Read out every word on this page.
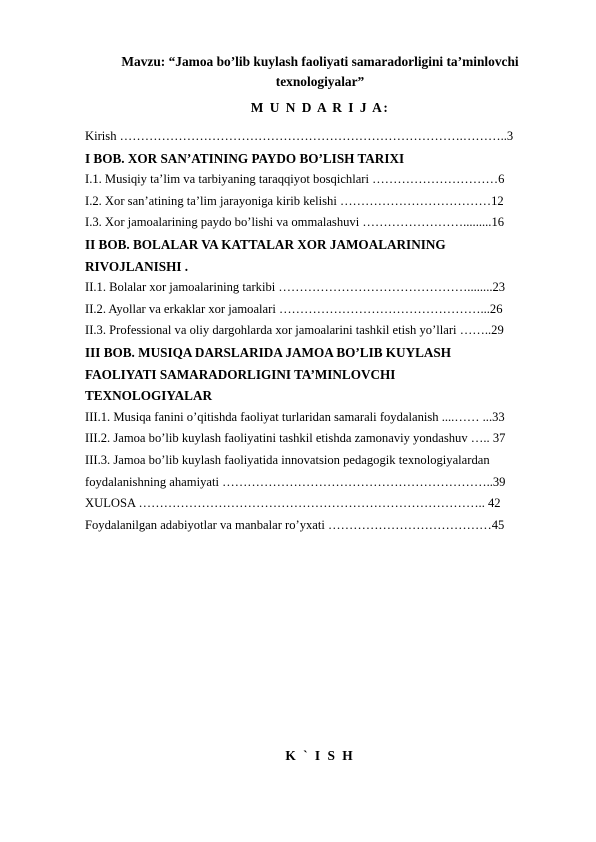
Mavzu: “Jamoa bo’lib kuylash faoliyati samaradorligini ta’minlovchi
texnologiyalar”
M U N D A R I J A:
Kirish ……………………………………………………………………….………..3
I BOB. XOR SAN’ATINING PAYDO BO’LISH TARIXI
I.1. Musiqiy ta’lim va tarbiyaning taraqqiyot bosqichlari …………………………6
I.2. Xor san’atining ta’lim jarayoniga kirib kelishi ………………………………12
I.3. Xor jamoalarining paydo bo’lishi va ommalashuvi …………………….........16
II BOB. BOLALAR VA KATTALAR XOR JAMOALARINING
RIVOJLANISHI .
II.1. Bolalar xor jamoalarining tarkibi ………………………………………........23
II.2. Ayollar va erkaklar xor jamoalari …………………………………………...26
II.3. Professional va oliy dargohlarda xor jamoalarini tashkil etish yo’llari ……..29
III BOB. MUSIQA DARSLARIDA JAMOA BO’LIB KUYLASH
FAOLIYATI SAMARADORLIGINI TA’MINLOVCHI
TEXNOLOGIYALAR
III.1. Musiqa fanini o’qitishda faoliyat turlaridan samarali foydalanish ....…… ...33
III.2. Jamoa bo’lib kuylash faoliyatini tashkil etishda zamonaviy yondashuv ….. 37
III.3. Jamoa bo’lib kuylash faoliyatida innovatsion pedagogik texnologiyalardan
foydalanishning ahamiyati ………………………………………………………..39
XULOSA ……………………………………………………………………….. 42
Foydalanilgan adabiyotlar va manbalar ro’yxati …………………………………45
K ` I S H
